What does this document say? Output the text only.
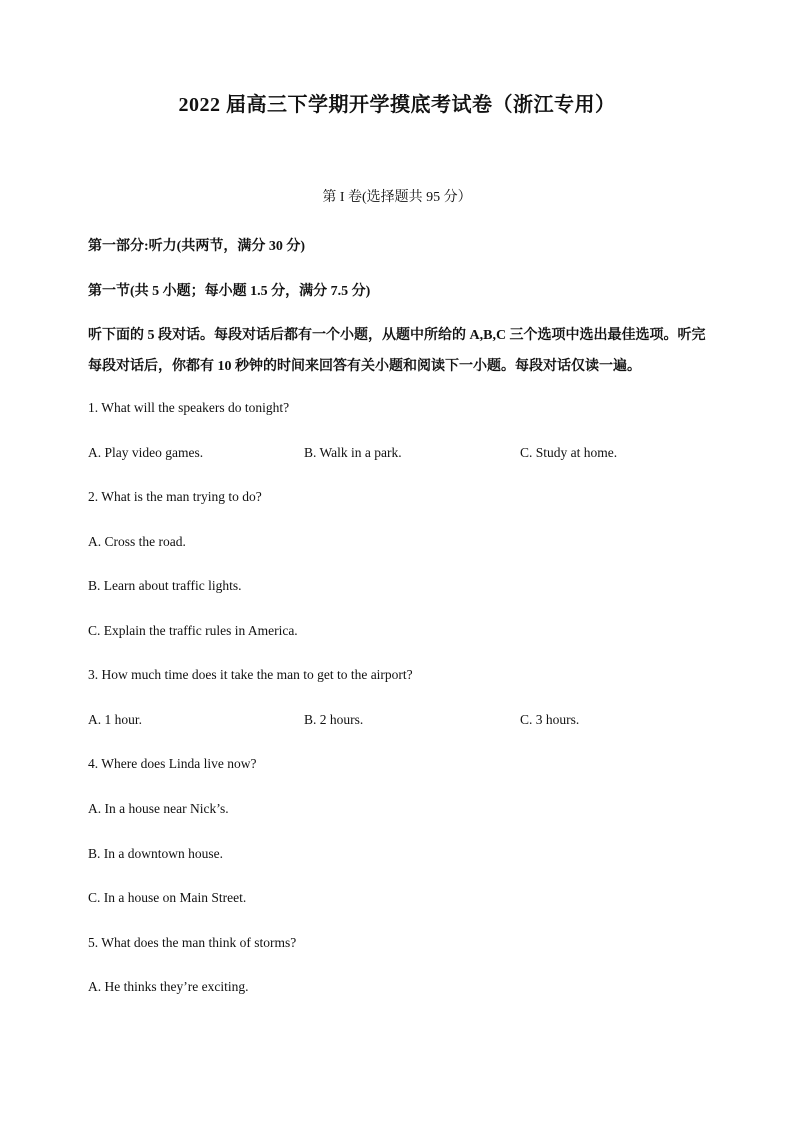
2022 届高三下学期开学摸底考试卷（浙江专用）
第 I 卷(选择题共 95 分）
第一部分:听力(共两节，满分 30 分)
第一节(共 5 小题；每小题 1.5 分，满分 7.5 分)
听下面的 5 段对话。每段对话后都有一个小题，从题中所给的 A,B,C 三个选项中选出最佳选项。听完
每段对话后，你都有 10 秒钟的时间来回答有关小题和阅读下一小题。每段对话仅读一遍。
1. What will the speakers do tonight?
A. Play video games.	B. Walk in a park.	C. Study at home.
2. What is the man trying to do?
A. Cross the road.
B. Learn about traffic lights.
C. Explain the traffic rules in America.
3. How much time does it take the man to get to the airport?
A. 1 hour.	B. 2 hours.	C. 3 hours.
4. Where does Linda live now?
A. In a house near Nick’s.
B. In a downtown house.
C. In a house on Main Street.
5. What does the man think of storms?
A. He thinks they’re exciting.
